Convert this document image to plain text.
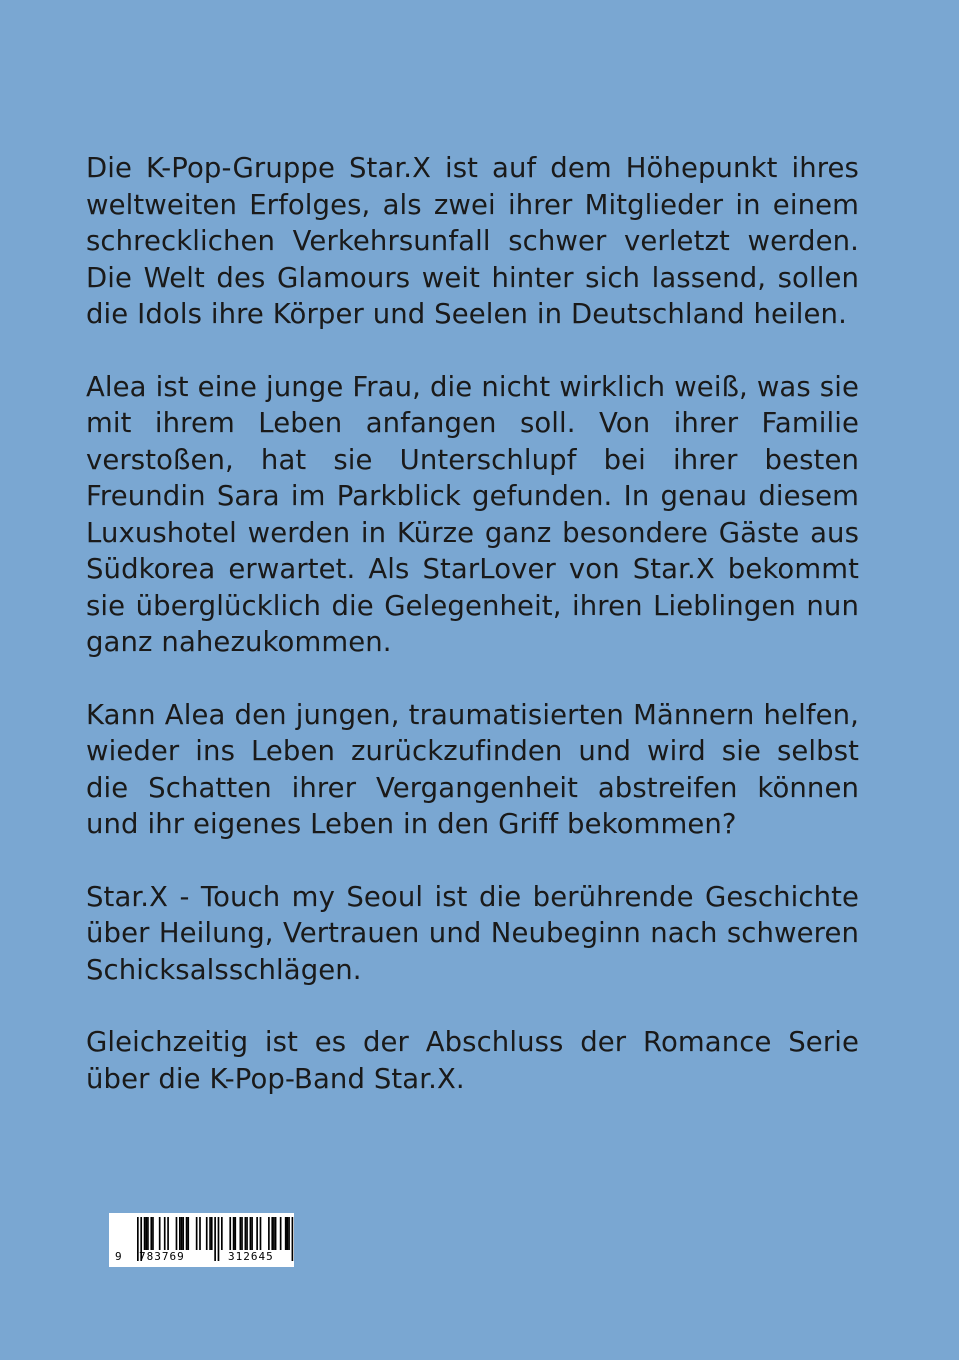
Die K-Pop-Gruppe Star.X ist auf dem Höhepunkt ihres weltweiten Erfolges, als zwei ihrer Mitglieder in einem schrecklichen Verkehrsunfall schwer verletzt werden. Die Welt des Glamours weit hinter sich lassend, sollen die Idols ihre Körper und Seelen in Deutschland heilen.

Alea ist eine junge Frau, die nicht wirklich weiß, was sie mit ihrem Leben anfangen soll. Von ihrer Familie verstoßen, hat sie Unterschlupf bei ihrer besten Freundin Sara im Parkblick gefunden. In genau diesem Luxushotel werden in Kürze ganz besondere Gäste aus Südkorea erwartet. Als StarLover von Star.X bekommt sie überglücklich die Gelegenheit, ihren Lieblingen nun ganz nahezukommen.

Kann Alea den jungen, traumatisierten Männern helfen, wieder ins Leben zurückzufinden und wird sie selbst die Schatten ihrer Vergangenheit abstreifen können und ihr eigenes Leben in den Griff bekommen?

Star.X - Touch my Seoul ist die berührende Geschichte über Heilung, Vertrauen und Neubeginn nach schweren Schicksalsschlägen.

Gleichzeitig ist es der Abschluss der Romance Serie über die K-Pop-Band Star.X.

9 783769	312645
